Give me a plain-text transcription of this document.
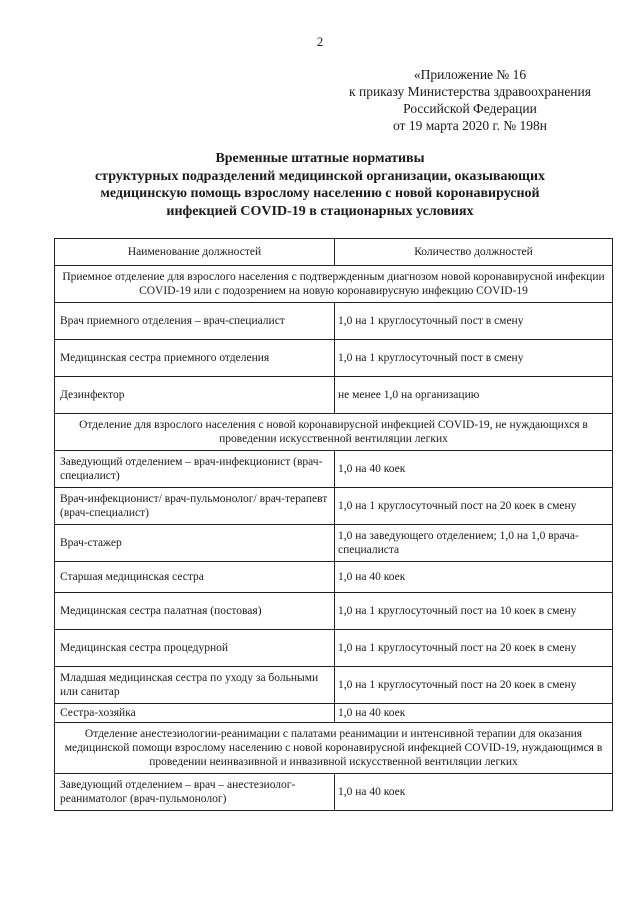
2
«Приложение № 16
к приказу Министерства здравоохранения
Российской Федерации
от 19 марта 2020 г. № 198н
Временные штатные нормативы
структурных подразделений медицинской организации, оказывающих
медицинскую помощь взрослому населению с новой коронавирусной
инфекцией COVID-19 в стационарных условиях
Наименование должностей	Количество должностей
Приемное отделение для взрослого населения с подтвержденным диагнозом новой коронавирусной инфекции COVID-19 или с подозрением на новую коронавирусную инфекцию COVID-19	
Врач приемного отделения – врач-специалист	1,0 на 1 круглосуточный пост в смену
Медицинская сестра приемного отделения	1,0 на 1 круглосуточный пост в смену
Дезинфектор	не менее 1,0 на организацию
Отделение для взрослого населения с новой коронавирусной инфекцией COVID-19, не нуждающихся в проведении искусственной вентиляции легких	
Заведующий отделением – врач-инфекционист (врач-специалист)	1,0 на 40 коек
Врач-инфекционист/ врач-пульмонолог/ врач-терапевт (врач-специалист)	1,0 на 1 круглосуточный пост на 20 коек в смену
Врач-стажер	1,0 на заведующего отделением; 1,0 на 1,0 врача-специалиста
Старшая медицинская сестра	1,0 на 40 коек
Медицинская сестра палатная (постовая)	1,0 на 1 круглосуточный пост на 10 коек в смену
Медицинская сестра процедурной	1,0 на 1 круглосуточный пост на 20 коек в смену
Младшая медицинская сестра по уходу за больными или санитар	1,0 на 1 круглосуточный пост на 20 коек в смену
Сестра-хозяйка	1,0 на 40 коек
Отделение анестезиологии-реанимации с палатами реанимации и интенсивной терапии для оказания медицинской помощи взрослому населению с новой коронавирусной инфекцией COVID-19, нуждающимся в проведении неинвазивной и инвазивной искусственной вентиляции легких	
Заведующий отделением – врач – анестезиолог-реаниматолог (врач-пульмонолог)	1,0 на 40 коек
